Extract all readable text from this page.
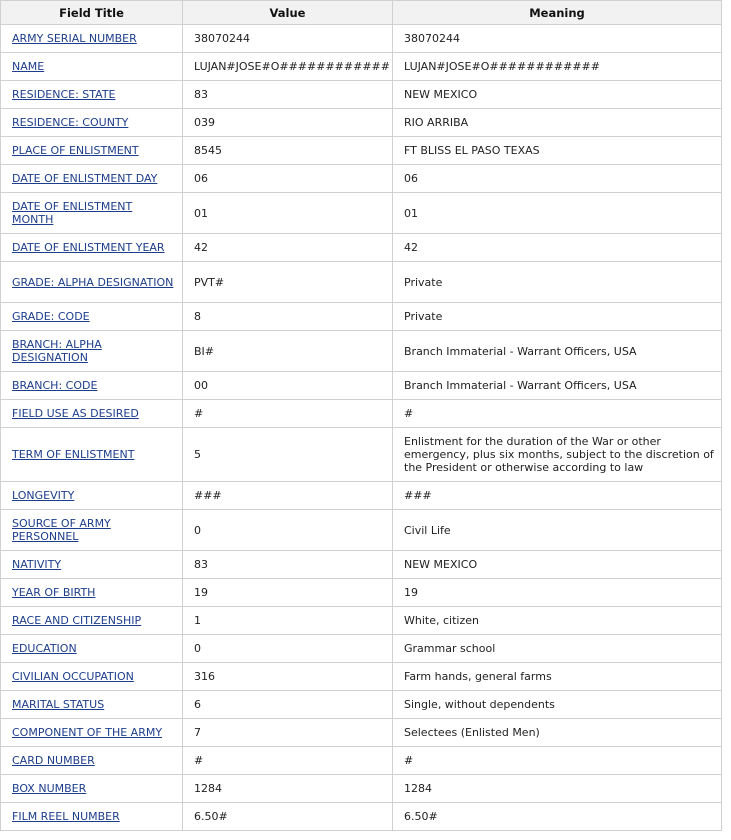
Field Title	Value	Meaning
ARMY SERIAL NUMBER	38070244	38070244
NAME	LUJAN#JOSE#O############	LUJAN#JOSE#O############
RESIDENCE: STATE	83	NEW MEXICO
RESIDENCE: COUNTY	039	RIO ARRIBA
PLACE OF ENLISTMENT	8545	FT BLISS EL PASO TEXAS
DATE OF ENLISTMENT DAY	06	06
DATE OF ENLISTMENT MONTH	01	01
DATE OF ENLISTMENT YEAR	42	42
GRADE: ALPHA DESIGNATION	PVT#	Private
GRADE: CODE	8	Private
BRANCH: ALPHA DESIGNATION	BI#	Branch Immaterial - Warrant Officers, USA
BRANCH: CODE	00	Branch Immaterial - Warrant Officers, USA
FIELD USE AS DESIRED	#	#
TERM OF ENLISTMENT	5	Enlistment for the duration of the War or other emergency, plus six months, subject to the discretion of the President or otherwise according to law
LONGEVITY	###	###
SOURCE OF ARMY PERSONNEL	0	Civil Life
NATIVITY	83	NEW MEXICO
YEAR OF BIRTH	19	19
RACE AND CITIZENSHIP	1	White, citizen
EDUCATION	0	Grammar school
CIVILIAN OCCUPATION	316	Farm hands, general farms
MARITAL STATUS	6	Single, without dependents
COMPONENT OF THE ARMY	7	Selectees (Enlisted Men)
CARD NUMBER	#	#
BOX NUMBER	1284	1284
FILM REEL NUMBER	6.50#	6.50#
